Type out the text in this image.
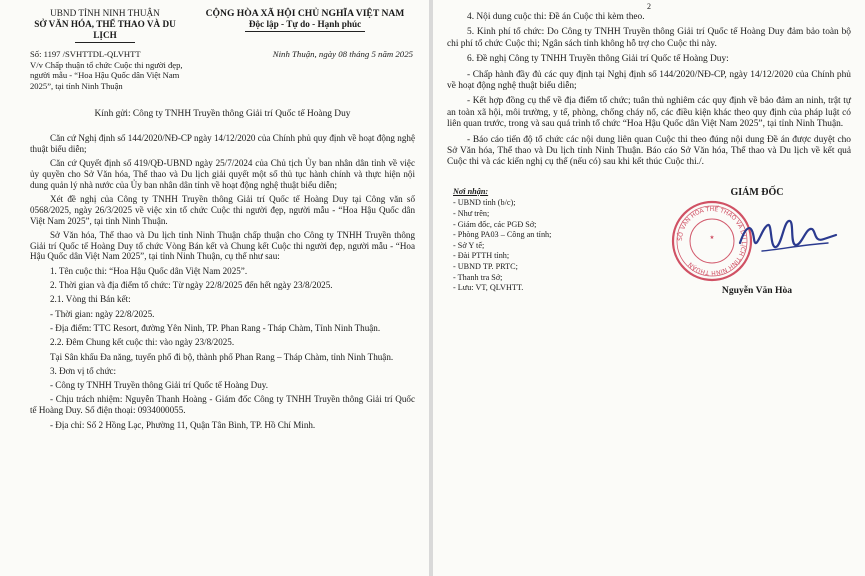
UBND TỈNH NINH THUẬN
SỞ VĂN HÓA, THỂ THAO VÀ DU LỊCH
CỘNG HÒA XÃ HỘI CHỦ NGHĨA VIỆT NAM
Độc lập - Tự do - Hạnh phúc
Số: 1197 /SVHTTDL-QLVHTT
V/v Chấp thuận tổ chức Cuộc thi người đẹp, người mẫu - “Hoa Hậu Quốc dân Việt Nam 2025”, tại tỉnh Ninh Thuận
Ninh Thuận, ngày 08 tháng 5 năm 2025
Kính gửi: Công ty TNHH Truyền thông Giải trí Quốc tế Hoàng Duy

Căn cứ Nghị định số 144/2020/NĐ-CP ngày 14/12/2020 của Chính phủ quy định về hoạt động nghệ thuật biểu diễn;

Căn cứ Quyết định số 419/QĐ-UBND ngày 25/7/2024 của Chủ tịch Ủy ban nhân dân tỉnh về việc ủy quyền cho Sở Văn hóa, Thể thao và Du lịch giải quyết một số thủ tục hành chính và thực hiện nội dung quản lý nhà nước của Ủy ban nhân dân tỉnh về hoạt động nghệ thuật biểu diễn;

Xét đề nghị của Công ty TNHH Truyền thông Giải trí Quốc tế Hoàng Duy tại Công văn số 0568/2025, ngày 26/3/2025 về việc xin tổ chức Cuộc thi người đẹp, người mẫu - “Hoa Hậu Quốc dân Việt Nam 2025”, tại tỉnh Ninh Thuận.

Sở Văn hóa, Thể thao và Du lịch tỉnh Ninh Thuận chấp thuận cho Công ty TNHH Truyền thông Giải trí Quốc tế Hoàng Duy tổ chức Vòng Bán kết và Chung kết Cuộc thi người đẹp, người mẫu - “Hoa Hậu Quốc dân Việt Nam 2025”, tại tỉnh Ninh Thuận, cụ thể như sau:

1. Tên cuộc thi: “Hoa Hậu Quốc dân Việt Nam 2025”.

2. Thời gian và địa điểm tổ chức: Từ ngày 22/8/2025 đến hết ngày 23/8/2025.

2.1. Vòng thi Bán kết:

- Thời gian: ngày 22/8/2025.

- Địa điểm: TTC Resort, đường Yên Ninh, TP. Phan Rang - Tháp Chàm, Tỉnh Ninh Thuận.

2.2. Đêm Chung kết cuộc thi: vào ngày 23/8/2025.

Tại Sân khấu Đa năng, tuyến phố đi bộ, thành phố Phan Rang – Tháp Chàm, tỉnh Ninh Thuận.

3. Đơn vị tổ chức:

- Công ty TNHH Truyền thông Giải trí Quốc tế Hoàng Duy.

- Chịu trách nhiệm: Nguyễn Thanh Hoàng - Giám đốc Công ty TNHH Truyền thông Giải trí Quốc tế Hoàng Duy. Số điện thoại: 0934000055.

- Địa chỉ: Số 2 Hồng Lạc, Phường 11, Quận Tân Bình, TP. Hồ Chí Minh.

2

4. Nội dung cuộc thi: Đề án Cuộc thi kèm theo.

5. Kinh phí tổ chức: Do Công ty TNHH Truyền thông Giải trí Quốc tế Hoàng Duy đảm bảo toàn bộ chi phí tổ chức Cuộc thi; Ngân sách tỉnh không hỗ trợ cho Cuộc thi này.

6. Đề nghị Công ty TNHH Truyền thông Giải trí Quốc tế Hoàng Duy:

- Chấp hành đầy đủ các quy định tại Nghị định số 144/2020/NĐ-CP, ngày 14/12/2020 của Chính phủ về hoạt động nghệ thuật biểu diễn;

- Kết hợp đồng cụ thể về địa điểm tổ chức; tuân thủ nghiêm các quy định về bảo đảm an ninh, trật tự an toàn xã hội, môi trường, y tế, phòng, chống cháy nổ, các điều kiện khác theo quy định của pháp luật có liên quan trước, trong và sau quá trình tổ chức “Hoa Hậu Quốc dân Việt Nam 2025”, tại tỉnh Ninh Thuận.

- Báo cáo tiến độ tổ chức các nội dung liên quan Cuộc thi theo đúng nội dung Đề án được duyệt cho Sở Văn hóa, Thể thao và Du lịch tỉnh Ninh Thuận. Báo cáo Sở Văn hóa, Thể thao và Du lịch về kết quả Cuộc thi và các kiến nghị cụ thể (nếu có) sau khi kết thúc Cuộc thi./.

Nơi nhận:
- UBND tỉnh (b/c);
- Như trên;
- Giám đốc, các PGĐ Sở;
- Phòng PA03 – Công an tỉnh;
- Sở Y tế;
- Đài PTTH tỉnh;
- UBND TP. PRTC;
- Thanh tra Sở;
- Lưu: VT, QLVHTT.
GIÁM ĐỐC
SỞ VĂN HÓA THỂ THAO VÀ DU LỊCH TỈNH NINH THUẬN
★
Nguyễn Văn Hòa
